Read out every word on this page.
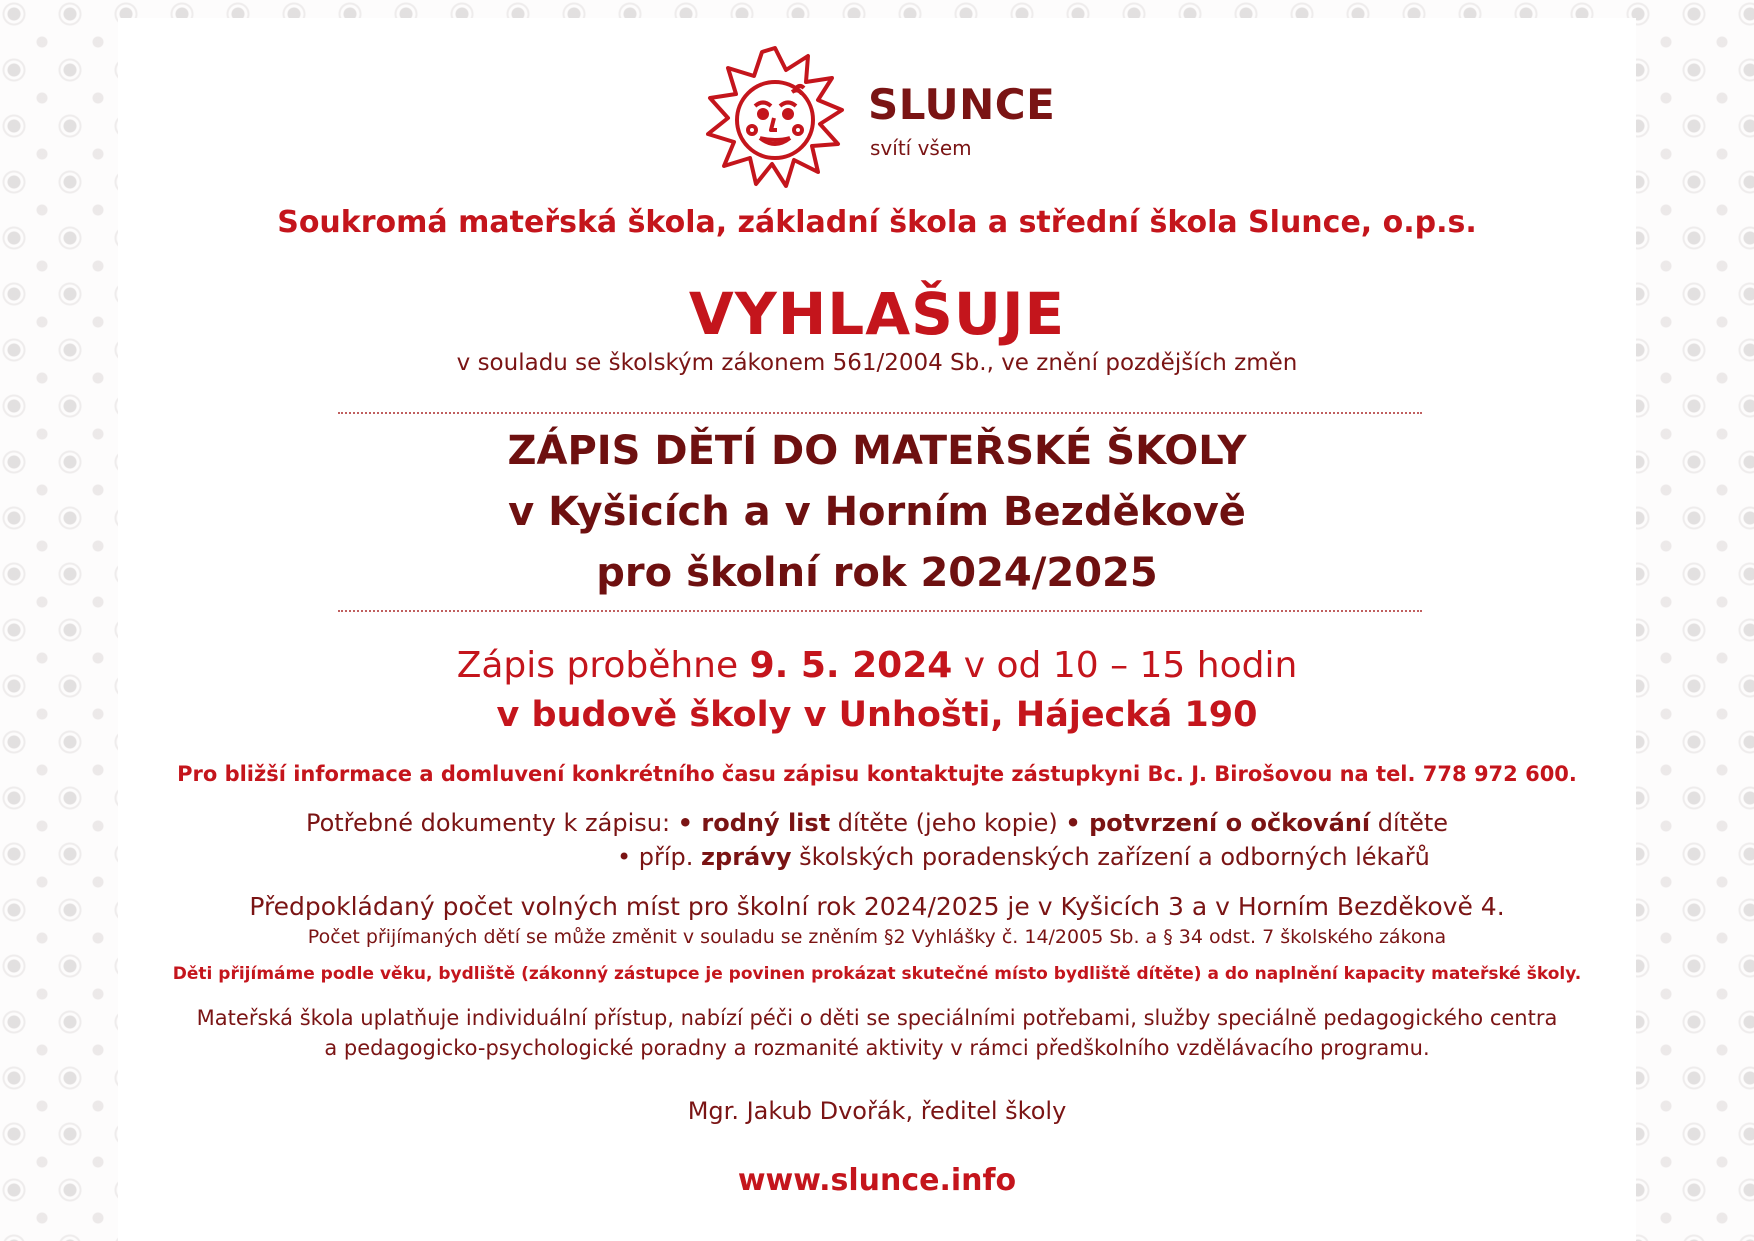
SLUNCE
svítí všem
Soukromá mateřská škola, základní škola a střední škola Slunce, o.p.s.
VYHLAŠUJE
v souladu se školským zákonem 561/2004 Sb., ve znění pozdějších změn
ZÁPIS DĚTÍ DO MATEŘSKÉ ŠKOLY
v Kyšicích a v Horním Bezděkově
pro školní rok 2024/2025
Zápis proběhne 9. 5. 2024 v od 10 – 15 hodin
v budově školy v Unhošti, Hájecká 190
Pro bližší informace a domluvení konkrétního času zápisu kontaktujte zástupkyni Bc. J. Birošovou na tel. 778 972 600.
Potřebné dokumenty k zápisu: • rodný list dítěte (jeho kopie) • potvrzení o očkování dítěte
• příp. zprávy školských poradenských zařízení a odborných lékařů
Předpokládaný počet volných míst pro školní rok 2024/2025 je v Kyšicích 3 a v Horním Bezděkově 4.
Počet přijímaných dětí se může změnit v souladu se zněním §2 Vyhlášky č. 14/2005 Sb. a § 34 odst. 7 školského zákona
Děti přijímáme podle věku, bydliště (zákonný zástupce je povinen prokázat skutečné místo bydliště dítěte) a do naplnění kapacity mateřské školy.
Mateřská škola uplatňuje individuální přístup, nabízí péči o děti se speciálními potřebami, služby speciálně pedagogického centra
a pedagogicko-psychologické poradny a rozmanité aktivity v rámci předškolního vzdělávacího programu.
Mgr. Jakub Dvořák, ředitel školy
www.slunce.info
